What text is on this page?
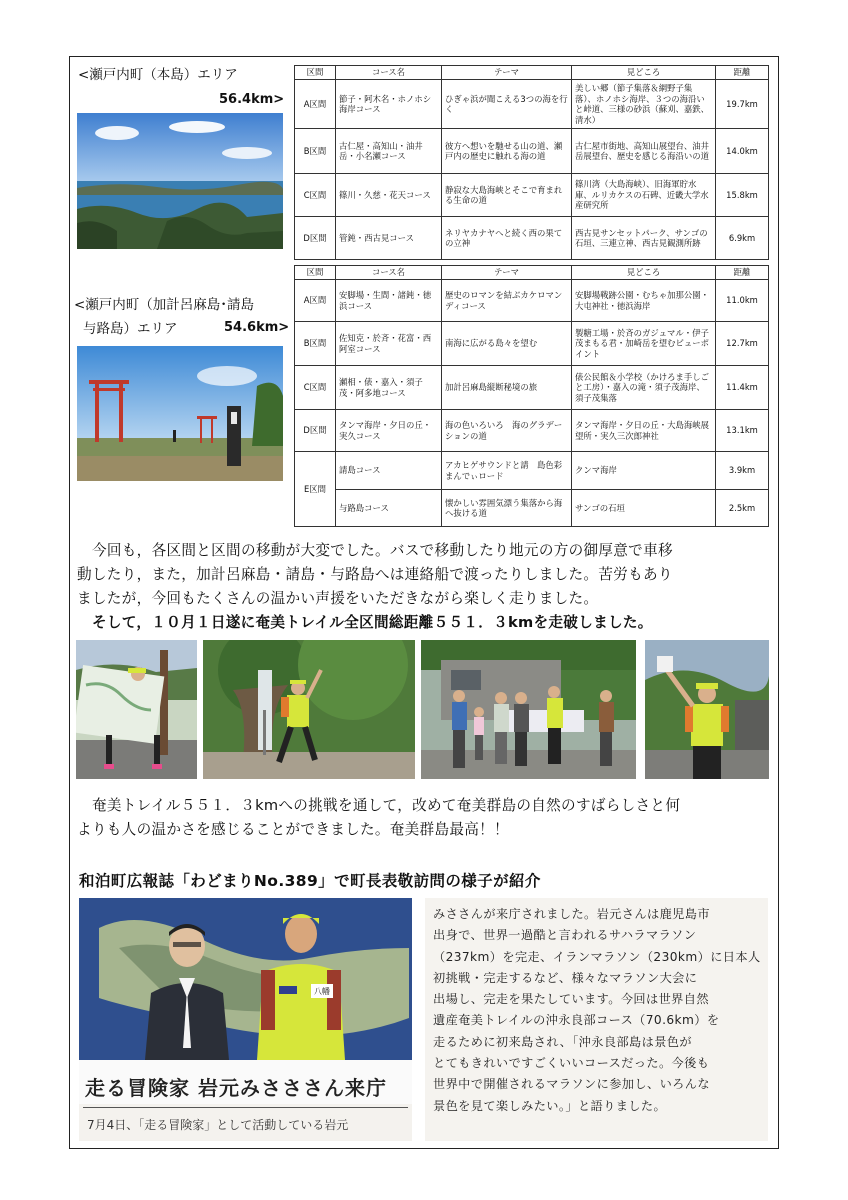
<瀬戸内町（本島）エリア
56.4km>
<瀬戸内町（加計呂麻島･請島
与路島）エリア	54.6km>
区間	コース名	テーマ	見どころ	距離
A区間	節子・阿木名・ホノホシ海岸コース	ひぎゃ浜が聞こえる3つの海を行く	美しい郷（節子集落＆網野子集落）、ホノホシ海岸、３つの海沿いと峠道、三様の砂浜（蘇刈、嘉鉄、清水）	19.7km
B区間	古仁屋・高知山・油井岳・小名瀬コース	彼方へ想いを馳せる山の道、瀬戸内の歴史に触れる海の道	古仁屋市街地、高知山展望台、油井岳展望台、歴史を感じる海沿いの道	14.0km
C区間	篠川・久慈・花天コース	静寂な大島海峡とそこで育まれる生命の道	篠川湾（大島海峡）、旧海軍貯水庫、ルリカケスの石碑、近畿大学水産研究所	15.8km
D区間	管鈍・西古見コース	ネリヤカナヤへと続く西の果ての立神	西古見サンセットパーク、サンゴの石垣、三連立神、西古見観測所跡	6.9km
区間	コース名	テーマ	見どころ	距離
A区間	安脚場・生間・諸鈍・徳浜コース	歴史のロマンを結ぶカケロマンディコース	安脚場戦跡公園・むちゃ加那公園・大屯神社・徳浜海岸	11.0km
B区間	佐知克・於斉・花富・西阿室コース	南海に広がる島々を望む	製糖工場・於斉のガジュマル・伊子茂まもる君・加崎岳を望むビューポイント	12.7km
C区間	瀬相・俵・嘉入・須子茂・阿多地コース	加計呂麻島縦断秘境の旅	俵公民館＆小学校（かけろま手しごと工房）・嘉入の滝・須子茂海岸、須子茂集落	11.4km
D区間	タンマ海岸・夕日の丘・実久コース	海の色いろいろ　海のグラデーションの道	タンマ海岸・夕日の丘・大島海峡展望所・実久三次郎神社	13.1km
E区間	請島コース	アカヒゲサウンドと請　島色彩まんでぃロード	クンマ海岸	3.9km
	与路島コース	懐かしい雰囲気漂う集落から海へ抜ける道	サンゴの石垣	2.5km
今回も，各区間と区間の移動が大変でした。バスで移動したり地元の方の御厚意で車移
動したり，また，加計呂麻島・請島・与路島へは連絡船で渡ったりしました。苦労もあり
ましたが，今回もたくさんの温かい声援をいただきながら楽しく走りました。
そして，１０月１日遂に奄美トレイル全区間総距離５５１．３kmを走破しました。
奄美トレイル５５１．３kmへの挑戦を通して，改めて奄美群島の自然のすばらしさと何
よりも人の温かさを感じることができました。奄美群島最高！！
和泊町広報誌「わどまりNo.389」で町長表敬訪問の様子が紹介
八幡
走る冒険家 岩元みさささん来庁
7月4日、「走る冒険家」として活動している岩元
みささんが来庁されました。岩元さんは鹿児島市
出身で、世界一過酷と言われるサハラマラソン
（237km）を完走、イランマラソン（230km）に日本人
初挑戦・完走するなど、様々なマラソン大会に
出場し、完走を果たしています。今回は世界自然
遺産奄美トレイルの沖永良部コース（70.6km）を
走るために初来島され、「沖永良部島は景色が
とてもきれいですごくいいコースだった。今後も
世界中で開催されるマラソンに参加し、いろんな
景色を見て楽しみたい。」と語りました。
